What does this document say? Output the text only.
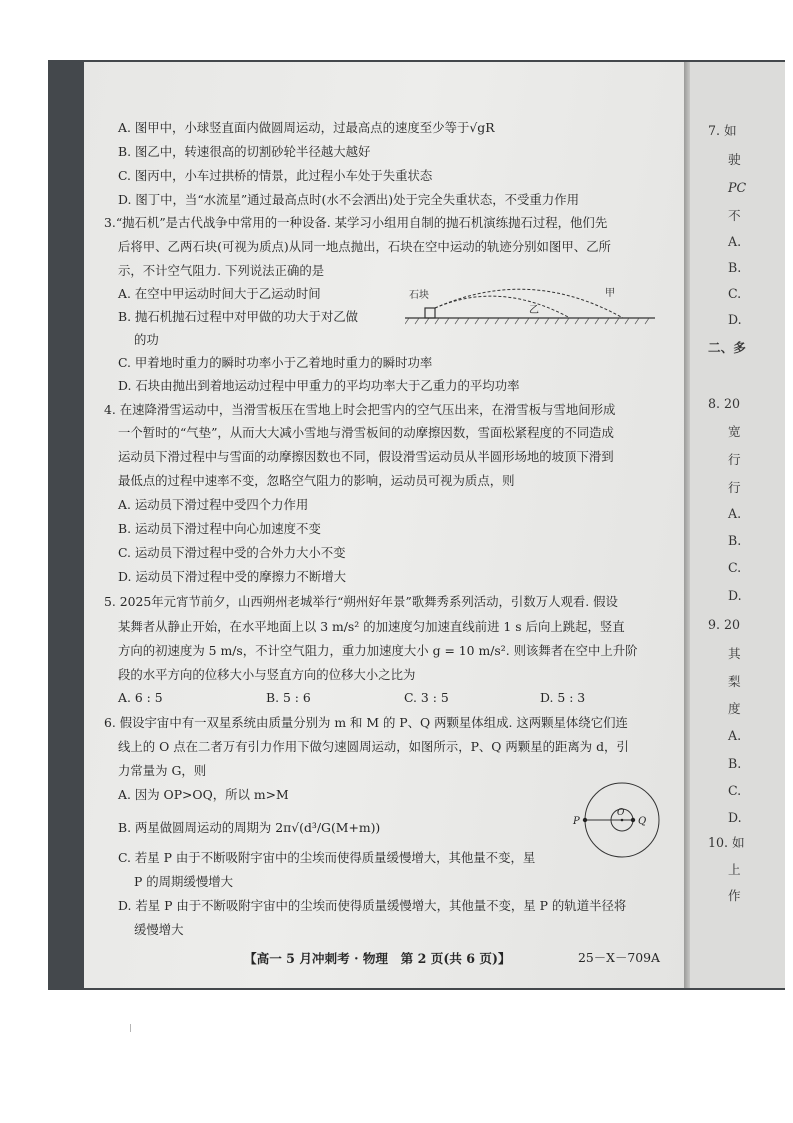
A. 图甲中，小球竖直面内做圆周运动，过最高点的速度至少等于√gR
B. 图乙中，转速很高的切割砂轮半径越大越好
C. 图丙中，小车过拱桥的情景，此过程小车处于失重状态
D. 图丁中，当“水流星”通过最高点时(水不会洒出)处于完全失重状态，不受重力作用
3.“抛石机”是古代战争中常用的一种设备. 某学习小组用自制的抛石机演练抛石过程，他们先
后将甲、乙两石块(可视为质点)从同一地点抛出，石块在空中运动的轨迹分别如图甲、乙所
示，不计空气阻力. 下列说法正确的是
A. 在空中甲运动时间大于乙运动时间
B. 抛石机抛石过程中对甲做的功大于对乙做
的功
C. 甲着地时重力的瞬时功率小于乙着地时重力的瞬时功率
D. 石块由抛出到着地运动过程中甲重力的平均功率大于乙重力的平均功率
石块	甲
乙
4. 在速降滑雪运动中，当滑雪板压在雪地上时会把雪内的空气压出来，在滑雪板与雪地间形成
一个暂时的“气垫”，从而大大减小雪地与滑雪板间的动摩擦因数，雪面松紧程度的不同造成
运动员下滑过程中与雪面的动摩擦因数也不同，假设滑雪运动员从半圆形场地的坡顶下滑到
最低点的过程中速率不变，忽略空气阻力的影响，运动员可视为质点，则
A. 运动员下滑过程中受四个力作用
B. 运动员下滑过程中向心加速度不变
C. 运动员下滑过程中受的合外力大小不变
D. 运动员下滑过程中受的摩擦力不断增大
5. 2025年元宵节前夕，山西朔州老城举行“朔州好年景”歌舞秀系列活动，引数万人观看. 假设
某舞者从静止开始，在水平地面上以 3 m/s² 的加速度匀加速直线前进 1 s 后向上跳起，竖直
方向的初速度为 5 m/s，不计空气阻力，重力加速度大小 g = 10 m/s². 则该舞者在空中上升阶
段的水平方向的位移大小与竖直方向的位移大小之比为
A. 6 : 5	B. 5 : 6	C. 3 : 5	D. 5 : 3
6. 假设宇宙中有一双星系统由质量分别为 m 和 M 的 P、Q 两颗星体组成. 这两颗星体绕它们连
线上的 O 点在二者万有引力作用下做匀速圆周运动，如图所示，P、Q 两颗星的距离为 d，引
力常量为 G，则
A. 因为 OP>OQ，所以 m>M
B. 两星做圆周运动的周期为 2π√(d³/G(M+m))
C. 若星 P 由于不断吸附宇宙中的尘埃而使得质量缓慢增大，其他量不变，星
P 的周期缓慢增大
D. 若星 P 由于不断吸附宇宙中的尘埃而使得质量缓慢增大，其他量不变，星 P 的轨道半径将
缓慢增大
P	Q
O
【高一 5 月冲刺考 · 物理　第 2 页(共 6 页)】	25－X－709A
7. 如
驶
PC
不
A.
B.
C.
D.
二、多
8. 20
宽
行
行
A.
B.
C.
D.
9. 20
其
梨
度
A.
B.
C.
D.
10. 如
上
作
